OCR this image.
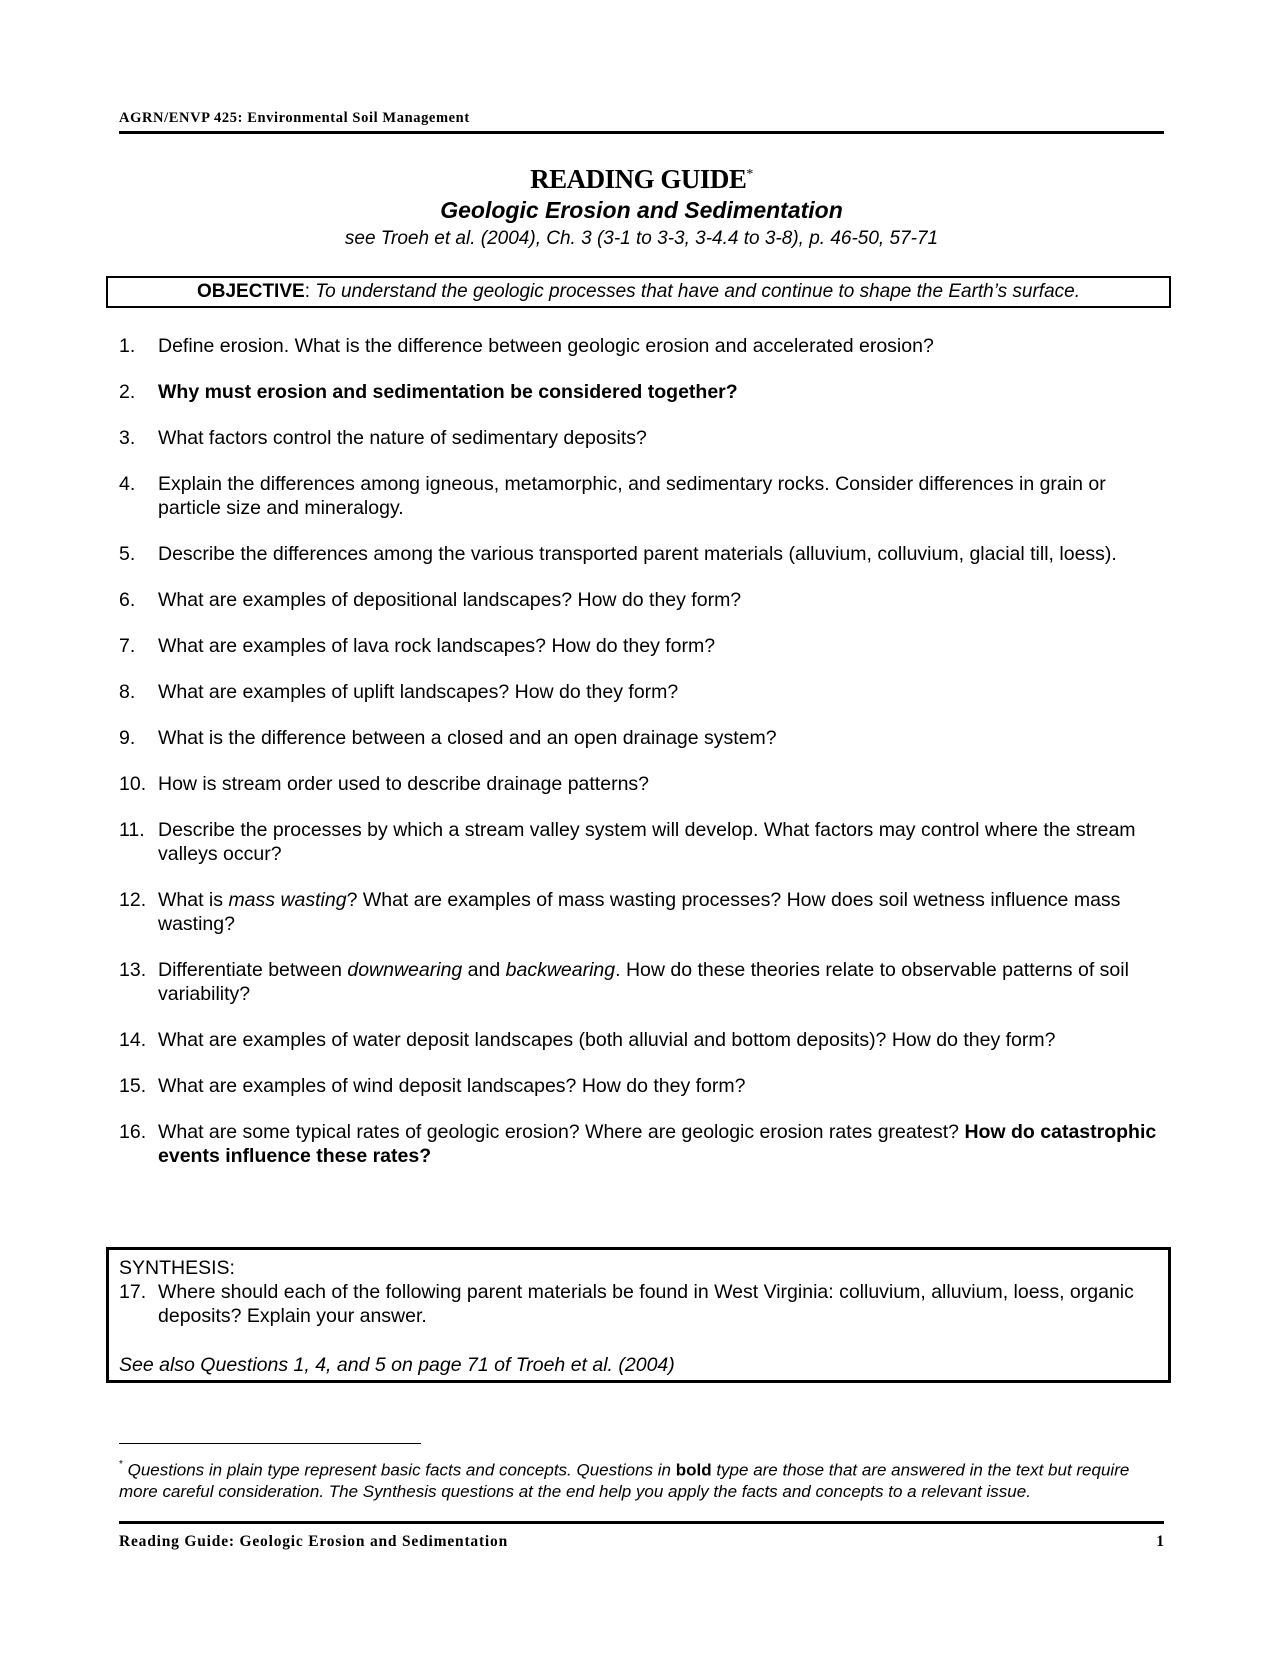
AGRN/ENVP 425: Environmental Soil Management
READING GUIDE*
Geologic Erosion and Sedimentation
see Troeh et al. (2004), Ch. 3 (3-1 to 3-3, 3-4.4 to 3-8), p. 46-50, 57-71
OBJECTIVE: To understand the geologic processes that have and continue to shape the Earth’s surface.
1. Define erosion. What is the difference between geologic erosion and accelerated erosion?
2. Why must erosion and sedimentation be considered together?
3. What factors control the nature of sedimentary deposits?
4. Explain the differences among igneous, metamorphic, and sedimentary rocks. Consider differences in grain or particle size and mineralogy.
5. Describe the differences among the various transported parent materials (alluvium, colluvium, glacial till, loess).
6. What are examples of depositional landscapes? How do they form?
7. What are examples of lava rock landscapes? How do they form?
8. What are examples of uplift landscapes? How do they form?
9. What is the difference between a closed and an open drainage system?
10. How is stream order used to describe drainage patterns?
11. Describe the processes by which a stream valley system will develop. What factors may control where the stream valleys occur?
12. What is mass wasting? What are examples of mass wasting processes? How does soil wetness influence mass wasting?
13. Differentiate between downwearing and backwearing. How do these theories relate to observable patterns of soil variability?
14. What are examples of water deposit landscapes (both alluvial and bottom deposits)? How do they form?
15. What are examples of wind deposit landscapes? How do they form?
16. What are some typical rates of geologic erosion? Where are geologic erosion rates greatest? How do catastrophic events influence these rates?
SYNTHESIS:
17. Where should each of the following parent materials be found in West Virginia: colluvium, alluvium, loess, organic deposits? Explain your answer.
See also Questions 1, 4, and 5 on page 71 of Troeh et al. (2004)
* Questions in plain type represent basic facts and concepts. Questions in bold type are those that are answered in the text but require more careful consideration. The Synthesis questions at the end help you apply the facts and concepts to a relevant issue.
Reading Guide: Geologic Erosion and Sedimentation	1
